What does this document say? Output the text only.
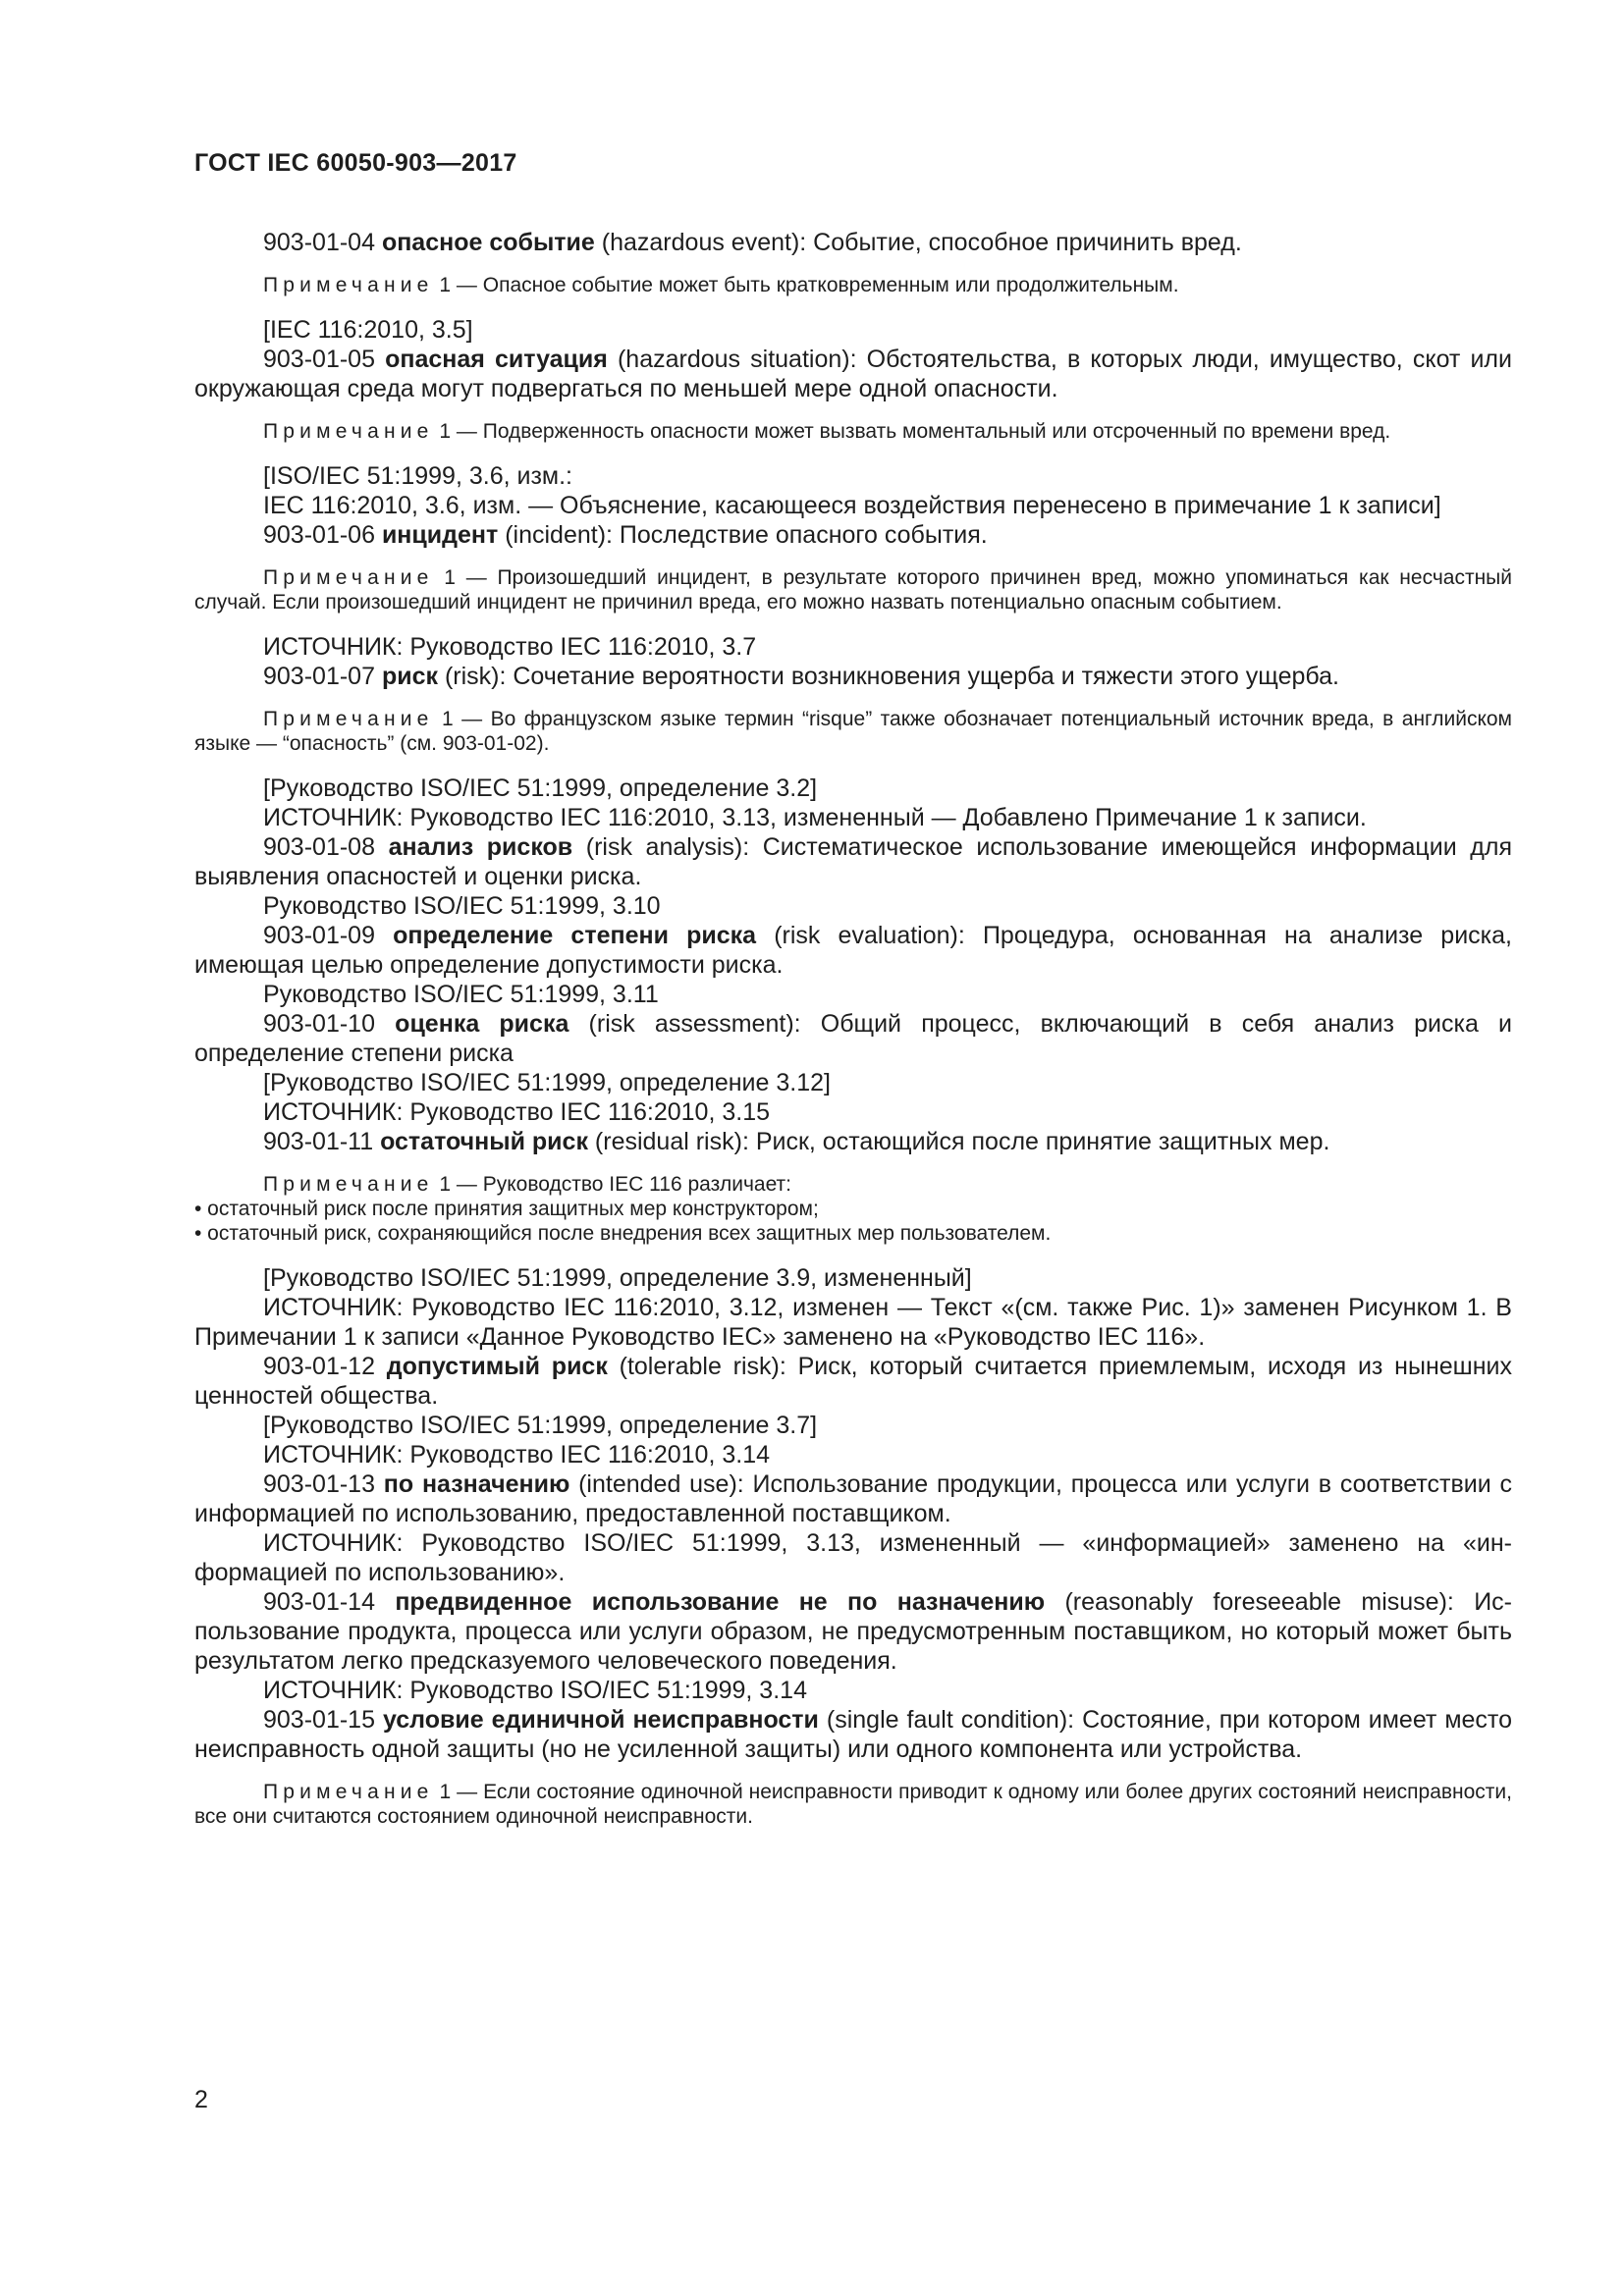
ГОСТ IEC 60050-903—2017

903-01-04 опасное событие (hazardous event): Событие, способное причинить вред.

Примечание 1 — Опасное событие может быть кратковременным или продолжительным.

[IEC 116:2010, 3.5]

903-01-05 опасная ситуация (hazardous situation): Обстоятельства, в которых люди, имущество, скот или окружающая среда могут подвергаться по меньшей мере одной опасности.

Примечание 1 — Подверженность опасности может вызвать моментальный или отсроченный по времени вред.

[ISO/IEC 51:1999, 3.6, изм.:

IEC 116:2010, 3.6, изм. — Объяснение, касающееся воздействия перенесено в примечание 1 к записи]

903-01-06 инцидент (incident): Последствие опасного события.

Примечание 1 — Произошедший инцидент, в результате которого причинен вред, можно упоминаться как несчастный случай. Если произошедший инцидент не причинил вреда, его можно назвать потенциально опасным событием.

ИСТОЧНИК: Руководство IEC 116:2010, 3.7

903-01-07 риск (risk): Сочетание вероятности возникновения ущерба и тяжести этого ущерба.

Примечание 1 — Во французском языке термин “risque” также обозначает потенциальный источник вреда, в английском языке — “опасность” (см. 903-01-02).

[Руководство ISO/IEC 51:1999, определение 3.2]

ИСТОЧНИК: Руководство IEC 116:2010, 3.13, измененный — Добавлено Примечание 1 к записи.

903-01-08 анализ рисков (risk analysis): Систематическое использование имеющейся информации для выявления опасностей и оценки риска.

Руководство ISO/IEC 51:1999, 3.10

903-01-09 определение степени риска (risk evaluation): Процедура, основанная на анализе риска, имеющая целью определение допустимости риска.

Руководство ISO/IEC 51:1999, 3.11

903-01-10 оценка риска (risk assessment): Общий процесс, включающий в себя анализ риска и определение степени риска

[Руководство ISO/IEC 51:1999, определение 3.12]

ИСТОЧНИК: Руководство IEC 116:2010, 3.15

903-01-11 остаточный риск (residual risk): Риск, остающийся после принятие защитных мер.

Примечание 1 — Руководство IEC 116 различает:

• остаточный риск после принятия защитных мер конструктором;

• остаточный риск, сохраняющийся после внедрения всех защитных мер пользователем.

[Руководство ISO/IEC 51:1999, определение 3.9, измененный]

ИСТОЧНИК: Руководство IEC 116:2010, 3.12, изменен — Текст «(см. также Рис. 1)» заменен Рисунком 1. В Примечании 1 к записи «Данное Руководство IEC» заменено на «Руководство IEC 116».

903-01-12 допустимый риск (tolerable risk): Риск, который считается приемлемым, исходя из нынешних ценностей общества.

[Руководство ISO/IEC 51:1999, определение 3.7]

ИСТОЧНИК: Руководство IEC 116:2010, 3.14

903-01-13 по назначению (intended use): Использование продукции, процесса или услуги в соответствии с информацией по использованию, предоставленной поставщиком.

ИСТОЧНИК: Руководство ISO/IEC 51:1999, 3.13, измененный — «информацией» заменено на «информацией по использованию».

903-01-14 предвиденное использование не по назначению (reasonably foreseeable misuse): Использование продукта, процесса или услуги образом, не предусмотренным поставщиком, но который может быть результатом легко предсказуемого человеческого поведения.

ИСТОЧНИК: Руководство ISO/IEC 51:1999, 3.14

903-01-15 условие единичной неисправности (single fault condition): Состояние, при котором имеет место неисправность одной защиты (но не усиленной защиты) или одного компонента или устройства.

Примечание 1 — Если состояние одиночной неисправности приводит к одному или более других состояний неисправности, все они считаются состоянием одиночной неисправности.

2
